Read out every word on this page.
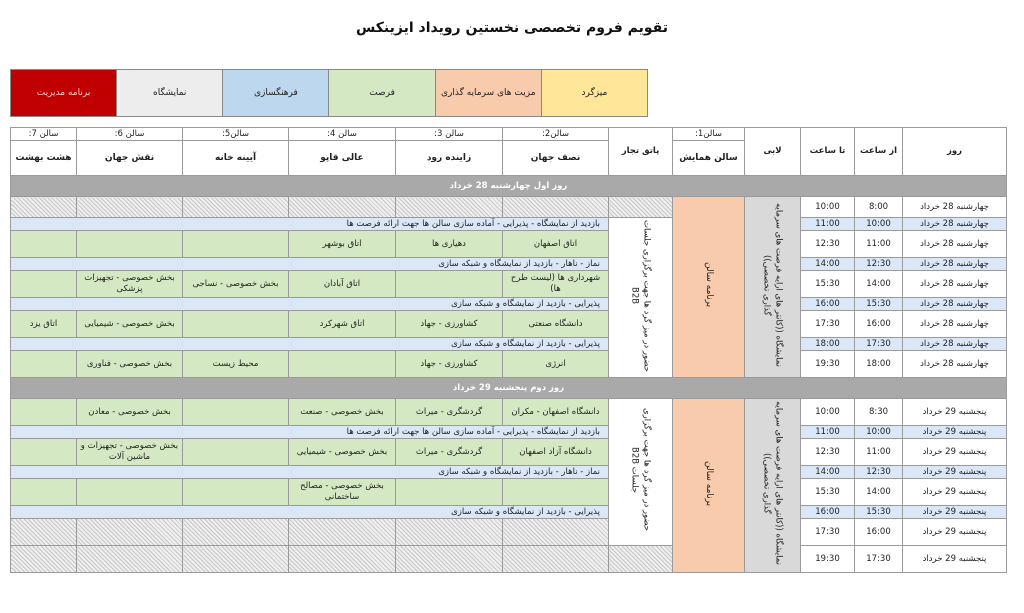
تقویم فروم تخصصی نخستین رویداد ایزینکس
میزگرد
مزیت های سرمایه گذاری
فرصت
فرهنگسازی
نمایشگاه
برنامه مدیریت
روز	از ساعت	تا ساعت	لابی	سالن1:	پاتق تجار	سالن2:	سالن 3:	سالن 4:	سالن5:	سالن 6:	سالن 7:
				سالن همایش		نصف جهان	زاینده رود	عالی قاپو	آیینه خانه	نقش جهان	هشت بهشت
روز اول چهارشنبه 28 خرداد											
چهارشنبه 28 خرداد	8:00	10:00	نمایشگاه ((کانتر های ارایه فرصت های سرمایه گذاری تخصصی))	برنامه سالن							
چهارشنبه 28 خرداد	10:00	11:00			حضور در میز گرد ها جهت برگزاری جلسات B2B	بازدید از نمایشگاه - پذیرایی - آماده سازی سالن ها جهت ارائه فرصت ها					
چهارشنبه 28 خرداد	11:00	12:30				اتاق اصفهان	دهیاری ها	اتاق بوشهر			
چهارشنبه 28 خرداد	12:30	14:00				نماز - ناهار - بازدید از نمایشگاه و شبکه سازی					
چهارشنبه 28 خرداد	14:00	15:30				شهرداری ها (لیست طرح ها)		اتاق آبادان	بخش خصوصی - نساجی	بخش خصوصی - تجهیزات پزشکی	
چهارشنبه 28 خرداد	15:30	16:00				پذیرایی - بازدید از نمایشگاه و شبکه سازی					
چهارشنبه 28 خرداد	16:00	17:30				دانشگاه صنعتی	کشاورزی - جهاد	اتاق شهرکرد		بخش خصوصی - شیمیایی	اتاق یزد
چهارشنبه 28 خرداد	17:30	18:00				پذیرایی - بازدید از نمایشگاه و شبکه سازی					
چهارشنبه 28 خرداد	18:00	19:30				انرژی	کشاورزی - جهاد		محیط زیست	بخش خصوصی - فناوری	
روز دوم پنجشنبه 29 خرداد											
پنجشنبه 29 خرداد	8:30	10:00	نمایشگاه ((کانتر های ارایه فرصت های سرمایه گذاری تخصصی))	برنامه سالن	حضور در میز گرد ها جهت برگزاری جلسات B2B	دانشگاه اصفهان - مکران	گردشگری - میراث	بخش خصوصی - صنعت		بخش خصوصی - معادن	
پنجشنبه 29 خرداد	10:00	11:00				بازدید از نمایشگاه - پذیرایی - آماده سازی سالن ها جهت ارائه فرصت ها					
پنجشنبه 29 خرداد	11:00	12:30				دانشگاه آزاد اصفهان	گردشگری - میراث	بخش خصوصی - شیمیایی		بخش خصوصی - تجهیزات و ماشین آلات	
پنجشنبه 29 خرداد	12:30	14:00				نماز - ناهار - بازدید از نمایشگاه و شبکه سازی					
پنجشنبه 29 خرداد	14:00	15:30						بخش خصوصی - مصالح ساختمانی			
پنجشنبه 29 خرداد	15:30	16:00				پذیرایی - بازدید از نمایشگاه و شبکه سازی					
پنجشنبه 29 خرداد	16:00	17:30									
پنجشنبه 29 خرداد	17:30	19:30									
